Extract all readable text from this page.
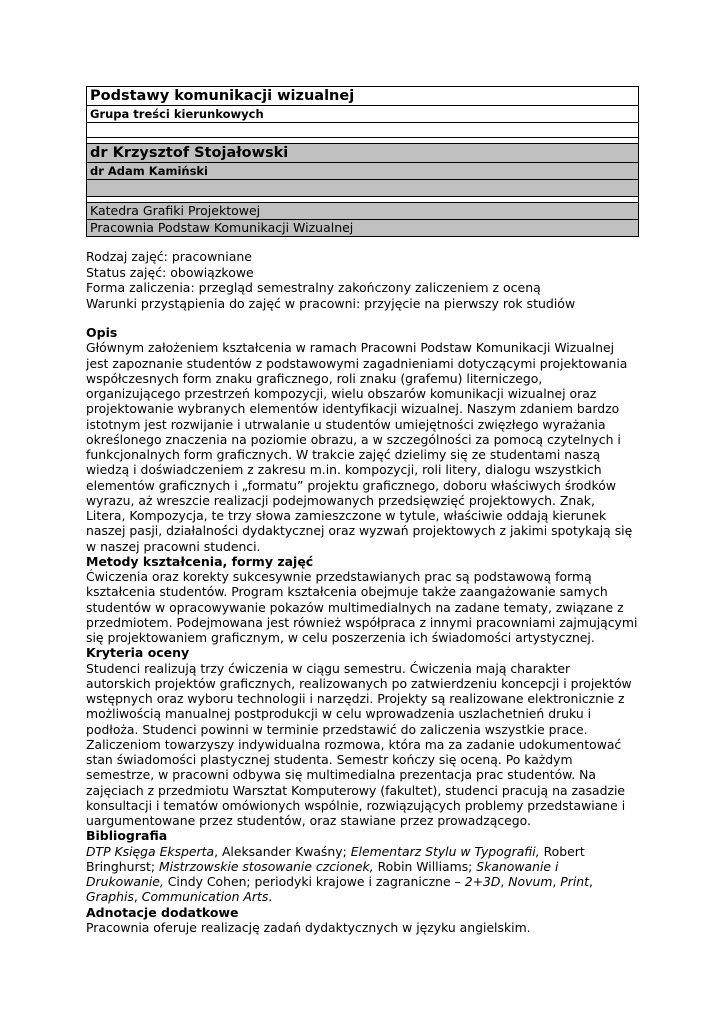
Podstawy komunikacji wizualnej
Grupa treści kierunkowych

dr Krzysztof Stojałowski
dr Adam Kamiński

Katedra Grafiki Projektowej
Pracownia Podstaw Komunikacji Wizualnej
Rodzaj zajęć: pracowniane
Status zajęć: obowiązkowe
Forma zaliczenia: przegląd semestralny zakończony zaliczeniem z oceną
Warunki przystąpienia do zajęć w pracowni: przyjęcie na pierwszy rok studiów
Opis
Głównym założeniem kształcenia w ramach Pracowni Podstaw Komunikacji Wizualnej jest zapoznanie studentów z podstawowymi zagadnieniami dotyczącymi projektowania współczesnych form znaku graficznego, roli znaku (grafemu) literniczego, organizującego przestrzeń kompozycji, wielu obszarów komunikacji wizualnej oraz projektowanie wybranych elementów identyfikacji wizualnej. Naszym zdaniem bardzo istotnym jest rozwijanie i utrwalanie u studentów umiejętności zwięzłego wyrażania określonego znaczenia na poziomie obrazu, a w szczególności za pomocą czytelnych i funkcjonalnych form graficznych. W trakcie zajęć dzielimy się ze studentami naszą wiedzą i doświadczeniem z zakresu m.in. kompozycji, roli litery, dialogu wszystkich elementów graficznych i „formatu” projektu graficznego, doboru właściwych środków wyrazu, aż wreszcie realizacji podejmowanych przedsięwzięć projektowych. Znak, Litera, Kompozycja, te trzy słowa zamieszczone w tytule, właściwie oddają kierunek naszej pasji, działalności dydaktycznej oraz wyzwań projektowych z jakimi spotykają się w naszej pracowni studenci.
Metody kształcenia, formy zajęć
Ćwiczenia oraz korekty sukcesywnie przedstawianych prac są podstawową formą kształcenia studentów. Program kształcenia obejmuje także zaangażowanie samych studentów w opracowywanie pokazów multimedialnych na zadane tematy, związane z przedmiotem. Podejmowana jest również współpraca z innymi pracowniami zajmującymi się projektowaniem graficznym, w celu poszerzenia ich świadomości artystycznej.
Kryteria oceny
Studenci realizują trzy ćwiczenia w ciągu semestru. Ćwiczenia mają charakter autorskich projektów graficznych, realizowanych po zatwierdzeniu koncepcji i projektów wstępnych oraz wyboru technologii i narzędzi. Projekty są realizowane elektronicznie z możliwością manualnej postprodukcji w celu wprowadzenia uszlachetnień druku i podłoża. Studenci powinni w terminie przedstawić do zaliczenia wszystkie prace. Zaliczeniom towarzyszy indywidualna rozmowa, która ma za zadanie udokumentować stan świadomości plastycznej studenta. Semestr kończy się oceną. Po każdym semestrze, w pracowni odbywa się multimedialna prezentacja prac studentów. Na zajęciach z przedmiotu Warsztat Komputerowy (fakultet), studenci pracują na zasadzie konsultacji i tematów omówionych wspólnie, rozwiązujących problemy przedstawiane i uargumentowane przez studentów, oraz stawiane przez prowadzącego.
Bibliografia
DTP Księga Eksperta, Aleksander Kwaśny; Elementarz Stylu w Typografii, Robert Bringhurst; Mistrzowskie stosowanie czcionek, Robin Williams; Skanowanie i Drukowanie, Cindy Cohen; periodyki krajowe i zagraniczne – 2+3D, Novum, Print, Graphis, Communication Arts.
Adnotacje dodatkowe
Pracownia oferuje realizację zadań dydaktycznych w języku angielskim.
